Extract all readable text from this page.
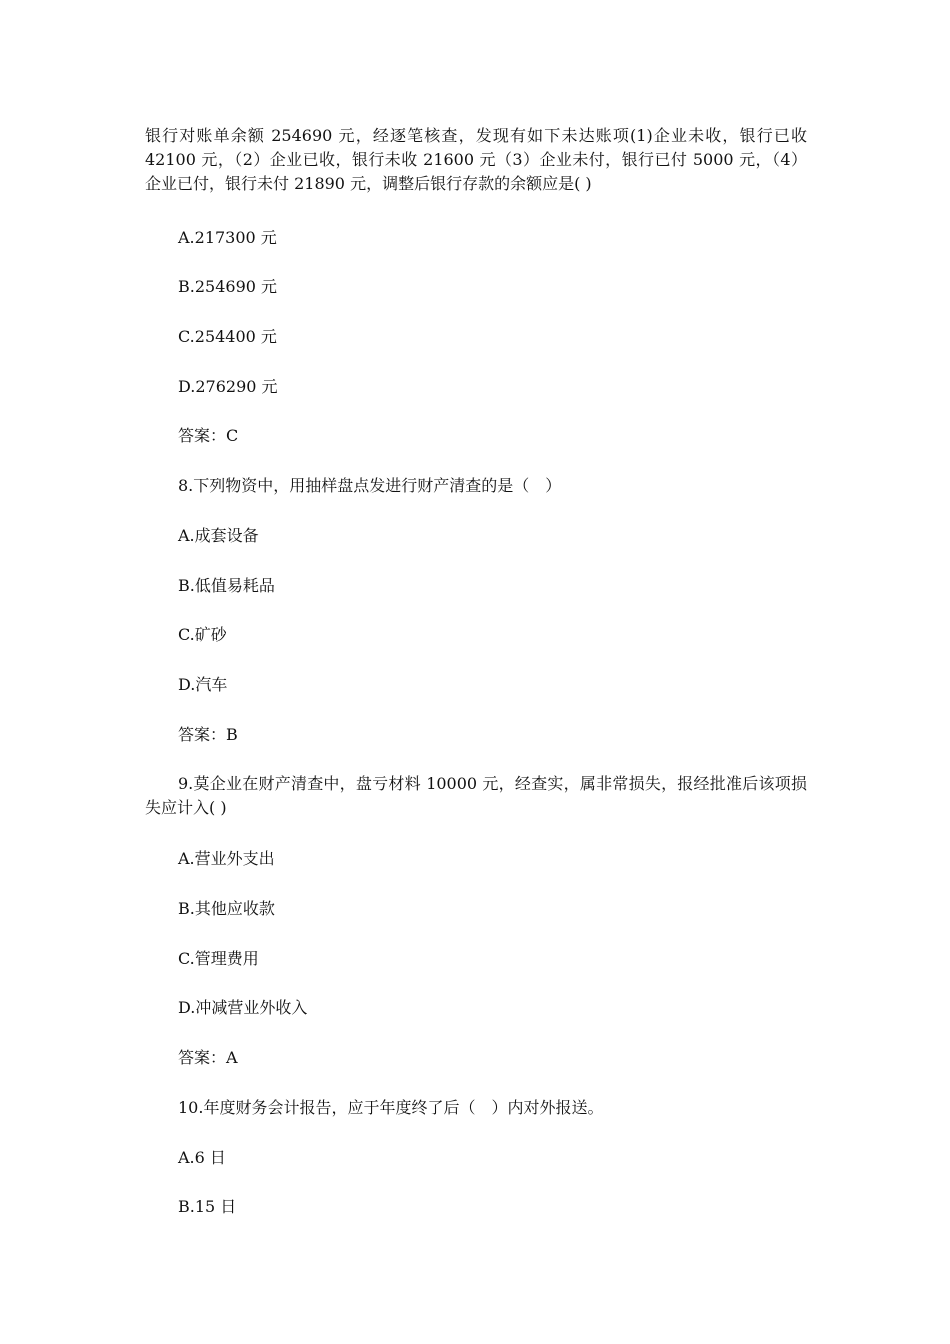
银行对账单余额 254690 元，经逐笔核查，发现有如下未达账项(1)企业未收，银行已收 42100 元，（2）企业已收，银行未收 21600 元（3）企业未付，银行已付 5000 元，（4）企业已付，银行未付 21890 元，调整后银行存款的余额应是( )

A.217300 元

B.254690 元

C.254400 元

D.276290 元

答案：C

8.下列物资中，用抽样盘点发进行财产清查的是（　）

A.成套设备

B.低值易耗品

C.矿砂

D.汽车

答案：B

9.莫企业在财产清查中，盘亏材料 10000 元，经查实，属非常损失，报经批准后该项损失应计入( )

A.营业外支出

B.其他应收款

C.管理费用

D.冲减营业外收入

答案：A

10.年度财务会计报告，应于年度终了后（　）内对外报送。

A.6 日

B.15 日
